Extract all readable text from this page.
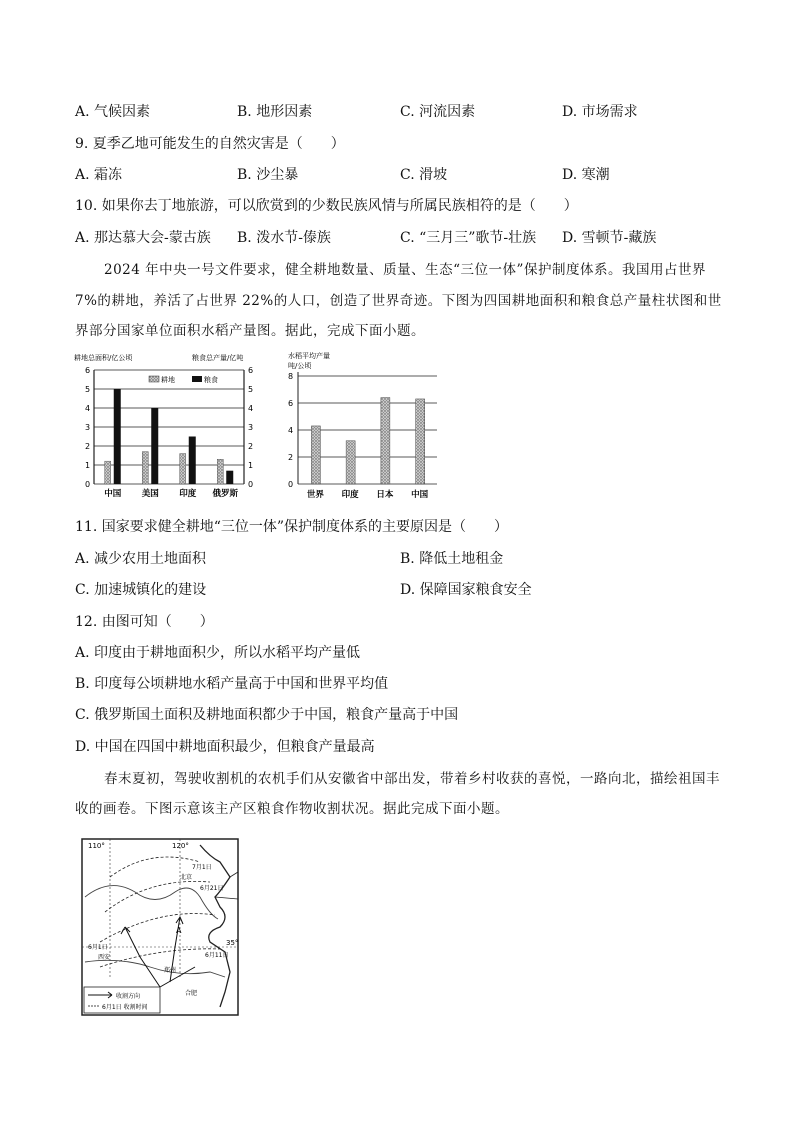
A. 气候因素	B. 地形因素	C. 河流因素	D. 市场需求
9. 夏季乙地可能发生的自然灾害是（　　）
A. 霜冻	B. 沙尘暴	C. 滑坡	D. 寒潮
10. 如果你去丁地旅游，可以欣赏到的少数民族风情与所属民族相符的是（　　）
A. 那达慕大会-蒙古族 B. 泼水节-傣族	C. “三月三”歌节-壮族 D. 雪顿节-藏族
2024 年中央一号文件要求，健全耕地数量、质量、生态“三位一体”保护制度体系。我国用占世界
7%的耕地，养活了占世界 22%的人口，创造了世界奇迹。下图为四国耕地面积和粮食总产量柱状图和世
界部分国家单位面积水稻产量图。据此，完成下面小题。
耕地总面积/亿公顷	粮食总产量/亿吨
0	0
1	1
2	2
3	3
4	4
5	5
6	6
耕地	粮食
中国 美国 印度 俄罗斯
水稻平均产量
吨/公顷
0
2
4
6
8
世界 印度 日本 中国
11. 国家要求健全耕地“三位一体”保护制度体系的主要原因是（　　）
A. 减少农用土地面积	B. 降低土地租金
C. 加速城镇化的建设	D. 保障国家粮食安全
12. 由图可知（　　）
A. 印度由于耕地面积少，所以水稻平均产量低
B. 印度每公顷耕地水稻产量高于中国和世界平均值
C. 俄罗斯国土面积及耕地面积都少于中国，粮食产量高于中国
D. 中国在四国中耕地面积最少，但粮食产量最高
春末夏初，驾驶收割机的农机手们从安徽省中部出发，带着乡村收获的喜悦，一路向北，描绘祖国丰
收的画卷。下图示意该主产区粮食作物收割状况。据此完成下面小题。
110°	120°
35°
7月1日
6月21日
6月11日
6月1日
北京
A
西安
郑州
合肥
收割方向
6月1日 收割时间
